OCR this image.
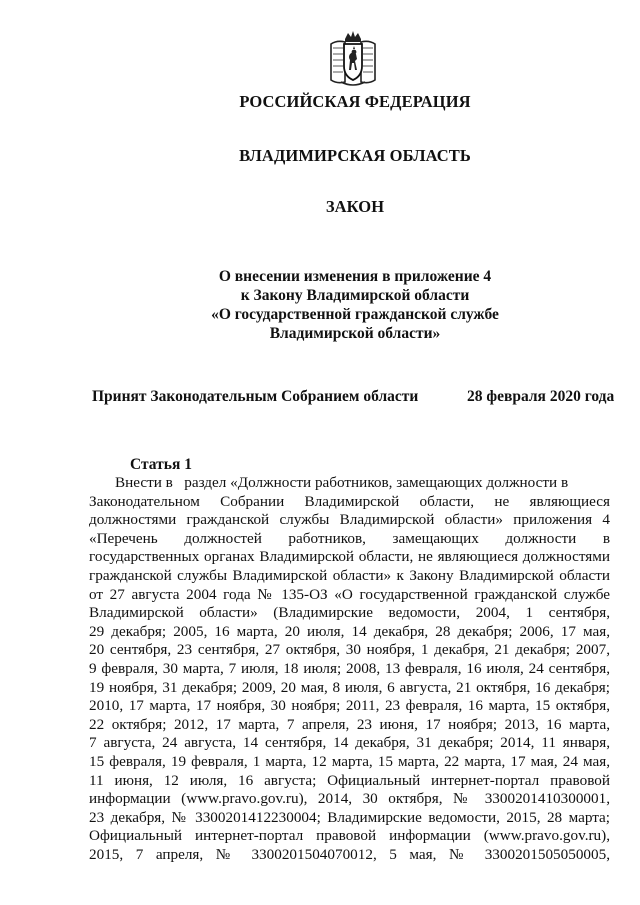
РОССИЙСКАЯ ФЕДЕРАЦИЯ
ВЛАДИМИРСКАЯ ОБЛАСТЬ
ЗАКОН
О внесении изменения в приложение 4
к Закону Владимирской области
«О государственной гражданской службе
Владимирской области»
Принят Законодательным Собранием области	28 февраля 2020 года
Статья 1
Внести в   раздел «Должности работников, замещающих должности в
Законодательном Собрании Владимирской области, не являющиеся
должностями гражданской службы Владимирской области» приложения 4
«Перечень должностей работников, замещающих должности в
государственных органах Владимирской области, не являющиеся должностями
гражданской службы Владимирской области» к Закону Владимирской области
от 27 августа 2004 года № 135-ОЗ «О государственной гражданской службе
Владимирской области» (Владимирские ведомости, 2004, 1 сентября,
29 декабря; 2005, 16 марта, 20 июля, 14 декабря, 28 декабря; 2006, 17 мая,
20 сентября, 23 сентября, 27 октября, 30 ноября, 1 декабря, 21 декабря; 2007,
9 февраля, 30 марта, 7 июля, 18 июля; 2008, 13 февраля, 16 июля, 24 сентября,
19 ноября, 31 декабря; 2009, 20 мая, 8 июля, 6 августа, 21 октября, 16 декабря;
2010, 17 марта, 17 ноября, 30 ноября; 2011, 23 февраля, 16 марта, 15 октября,
22 октября; 2012, 17 марта, 7 апреля, 23 июня, 17 ноября; 2013, 16 марта,
7 августа, 24 августа, 14 сентября, 14 декабря, 31 декабря; 2014, 11 января,
15 февраля, 19 февраля, 1 марта, 12 марта, 15 марта, 22 марта, 17 мая, 24 мая,
11 июня, 12 июля, 16 августа; Официальный интернет-портал правовой
информации (www.pravo.gov.ru), 2014, 30 октября, № 3300201410300001,
23 декабря, № 3300201412230004; Владимирские ведомости, 2015, 28 марта;
Официальный интернет-портал правовой информации (www.pravo.gov.ru),
2015, 7 апреля, № 3300201504070012, 5 мая, № 3300201505050005,
